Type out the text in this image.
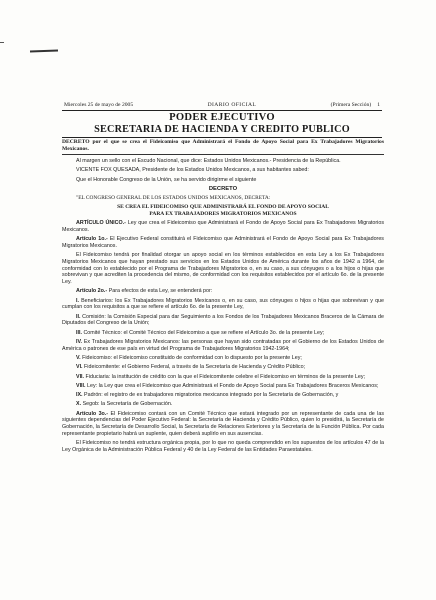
Miercoles 25 de mayo de 2005	DIARIO OFICIAL	(Primera Sección) 1
PODER EJECUTIVO
SECRETARIA DE HACIENDA Y CREDITO PUBLICO

DECRETO por el que se crea el Fideicomiso que Administrará el Fondo de Apoyo Social para Ex Trabajadores Migratorios Mexicanos.

Al margen un sello con el Escudo Nacional, que dice: Estados Unidos Mexicanos.- Presidencia de la República.

VICENTE FOX QUESADA, Presidente de los Estados Unidos Mexicanos, a sus habitantes sabed:

Que el Honorable Congreso de la Unión, se ha servido dirigirme el siguiente

DECRETO

"EL CONGRESO GENERAL DE LOS ESTADOS UNIDOS MEXICANOS, DECRETA:

SE CREA EL FIDEICOMISO QUE ADMINISTRARÁ EL FONDO DE APOYO SOCIAL

PARA EX TRABAJADORES MIGRATORIOS MEXICANOS

ARTÍCULO ÚNICO.- Ley que crea el Fideicomiso que Administrará el Fondo de Apoyo Social para Ex Trabajadores Migratorios Mexicanos.

Artículo 1o.- El Ejecutivo Federal constituirá el Fideicomiso que Administrará el Fondo de Apoyo Social para Ex Trabajadores Migratorios Mexicanos.

El Fideicomiso tendrá por finalidad otorgar un apoyo social en los términos establecidos en esta Ley a los Ex Trabajadores Migratorios Mexicanos que hayan prestado sus servicios en los Estados Unidos de América durante los años de 1942 a 1964, de conformidad con lo establecido por el Programa de Trabajadores Migratorios o, en su caso, a sus cónyuges o a los hijos o hijas que sobrevivan y que acrediten la procedencia del mismo, de conformidad con los requisitos establecidos por el artículo 6o. de la presente Ley.

Artículo 2o.- Para efectos de esta Ley, se entenderá por:

I. Beneficiarios: los Ex Trabajadores Migratorios Mexicanos o, en su caso, sus cónyuges o hijos o hijas que sobrevivan y que cumplan con los requisitos a que se refiere el artículo 6o. de la presente Ley,

II. Comisión: la Comisión Especial para dar Seguimiento a los Fondos de los Trabajadores Mexicanos Braceros de la Cámara de Diputados del Congreso de la Unión;

III. Comité Técnico: el Comité Técnico del Fideicomiso a que se refiere el Artículo 3o. de la presente Ley;

IV. Ex Trabajadores Migratorios Mexicanos: las personas que hayan sido contratadas por el Gobierno de los Estados Unidos de América o patrones de ese país en virtud del Programa de Trabajadores Migratorios 1942-1964;

V. Fideicomiso: el Fideicomiso constituido de conformidad con lo dispuesto por la presente Ley;

VI. Fideicomitente: el Gobierno Federal, a través de la Secretaría de Hacienda y Crédito Público;

VII. Fiduciaria: la institución de crédito con la que el Fideicomitente celebre el Fideicomiso en términos de la presente Ley;

VIII. Ley: la Ley que crea el Fideicomiso que Administrará el Fondo de Apoyo Social para Ex Trabajadores Braceros Mexicanos;

IX. Padrón: el registro de ex trabajadores migratorios mexicanos integrado por la Secretaría de Gobernación, y

X. Segob: la Secretaría de Gobernación.

Artículo 3o.- El Fideicomiso contará con un Comité Técnico que estará integrado por un representante de cada una de las siguientes dependencias del Poder Ejecutivo Federal: la Secretaría de Hacienda y Crédito Público, quien lo presidirá, la Secretaría de Gobernación, la Secretaría de Desarrollo Social, la Secretaría de Relaciones Exteriores y la Secretaría de la Función Pública. Por cada representante propietario habrá un suplente, quien deberá suplirlo en sus ausencias.

El Fideicomiso no tendrá estructura orgánica propia, por lo que no queda comprendido en los supuestos de los artículos 47 de la Ley Orgánica de la Administración Pública Federal y 40 de la Ley Federal de las Entidades Paraestatales.
